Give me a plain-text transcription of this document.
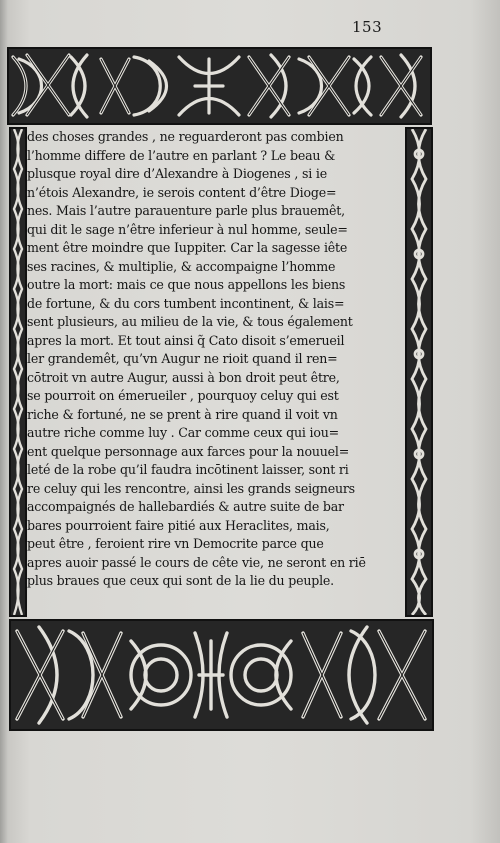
153
des choses grandes , ne reguarderont pas combien
l’homme differe de l’autre en parlant ? Le beau &
plusque royal dire d’Alexandre à Diogenes , si ie
n’étois Alexandre, ie serois content d’être Dioge=
nes. Mais l’autre parauenture parle plus brauemêt,
qui dit le sage n’être inferieur à nul homme, seule=
ment être moindre que Iuppiter. Car la sagesse iête
ses racines, & multiplie, & accompaigne l’homme
outre la mort: mais ce que nous appellons les biens
de fortune, & du cors tumbent incontinent, & lais=
sent plusieurs, au milieu de la vie, & tous également
apres la mort. Et tout ainsi q̃ Cato disoit s’emerueil
ler grandemêt, qu’vn Augur ne rioit quand il ren=
cōtroit vn autre Augur, aussi à bon droit peut être,
se pourroit on émerueiler , pourquoy celuy qui est
riche & fortuné, ne se prent à rire quand il voit vn
autre riche comme luy . Car comme ceux qui iou=
ent quelque personnage aux farces pour la nouuel=
leté de la robe qu’il faudra incōtinent laisser, sont ri
re celuy qui les rencontre, ainsi les grands seigneurs
accompaignés de hallebardiés & autre suite de bar
bares pourroient faire pitié aux Heraclites, mais,
peut être , feroient rire vn Democrite parce que
apres auoir passé le cours de cête vie, ne seront en riē
plus braues que ceux qui sont de la lie du peuple.
